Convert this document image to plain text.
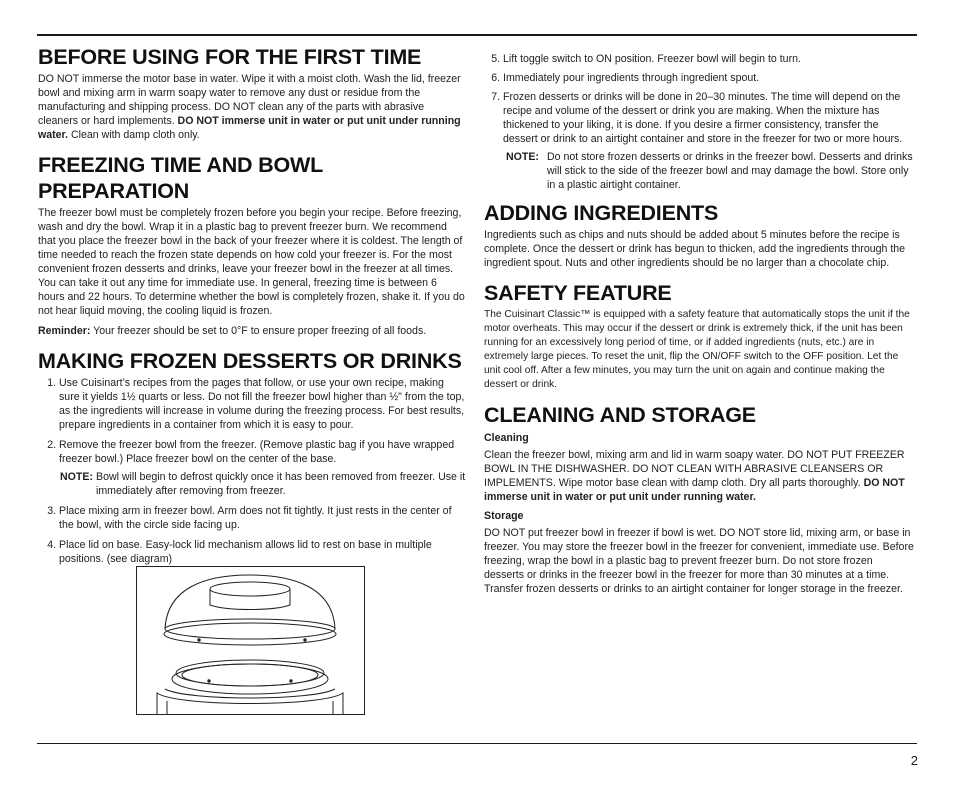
BEFORE USING FOR THE FIRST TIME

DO NOT immerse the motor base in water. Wipe it with a moist cloth. Wash the lid, freezer bowl and mixing arm in warm soapy water to remove any dust or residue from the manufacturing and shipping process. DO NOT clean any of the parts with abrasive cleaners or hard implements. DO NOT immerse unit in water or put unit under running water. Clean with damp cloth only.

FREEZING TIME AND BOWL PREPARATION

The freezer bowl must be completely frozen before you begin your recipe. Before freezing, wash and dry the bowl. Wrap it in a plastic bag to prevent freezer burn. We recommend that you place the freezer bowl in the back of your freezer where it is coldest. The length of time needed to reach the frozen state depends on how cold your freezer is. For the most convenient frozen desserts and drinks, leave your freezer bowl in the freezer at all times. You can take it out any time for immediate use. In general, freezing time is between 6 hours and 22 hours. To determine whether the bowl is completely frozen, shake it. If you do not hear liquid moving, the cooling liquid is frozen.

Reminder: Your freezer should be set to 0°F to ensure proper freezing of all foods.

MAKING FROZEN DESSERTS OR DRINKS
1. Use Cuisinart’s recipes from the pages that follow, or use your own recipe, making sure it yields 1½ quarts or less. Do not fill the freezer bowl higher than ½" from the top, as the ingredients will increase in volume during the freezing process. For best results, prepare ingredients in a container from which it is easy to pour.
2. Remove the freezer bowl from the freezer. (Remove plastic bag if you have wrapped freezer bowl.) Place freezer bowl on the center of the base.
NOTE: Bowl will begin to defrost quickly once it has been removed from freezer. Use it immediately after removing from freezer.
3. Place mixing arm in freezer bowl. Arm does not fit tightly. It just rests in the center of the bowl, with the circle side facing up.
4. Place lid on base. Easy-lock lid mechanism allows lid to rest on base in multiple positions. (see diagram)
5. Lift toggle switch to ON position. Freezer bowl will begin to turn.
6. Immediately pour ingredients through ingredient spout.
7. Frozen desserts or drinks will be done in 20–30 minutes. The time will depend on the recipe and volume of the dessert or drink you are making. When the mixture has thickened to your liking, it is done. If you desire a firmer consistency, transfer the dessert or drink to an airtight container and store in the freezer for two or more hours.
NOTE: Do not store frozen desserts or drinks in the freezer bowl. Desserts and drinks will stick to the side of the freezer bowl and may damage the bowl. Store only in a plastic airtight container.
ADDING INGREDIENTS

Ingredients such as chips and nuts should be added about 5 minutes before the recipe is complete. Once the dessert or drink has begun to thicken, add the ingredients through the ingredient spout. Nuts and other ingredients should be no larger than a chocolate chip.

SAFETY FEATURE

The Cuisinart Classic™ is equipped with a safety feature that automatically stops the unit if the motor overheats. This may occur if the dessert or drink is extremely thick, if the unit has been running for an excessively long period of time, or if added ingredients (nuts, etc.) are in extremely large pieces. To reset the unit, flip the ON/OFF switch to the OFF position. Let the unit cool off. After a few minutes, you may turn the unit on again and continue making the dessert or drink.

CLEANING AND STORAGE
Cleaning

Clean the freezer bowl, mixing arm and lid in warm soapy water. DO NOT PUT FREEZER BOWL IN THE DISHWASHER. DO NOT CLEAN WITH ABRASIVE CLEANSERS OR IMPLEMENTS. Wipe motor base clean with damp cloth. Dry all parts thoroughly. DO NOT immerse unit in water or put unit under running water.

Storage

DO NOT put freezer bowl in freezer if bowl is wet. DO NOT store lid, mixing arm, or base in freezer. You may store the freezer bowl in the freezer for convenient, immediate use. Before freezing, wrap the bowl in a plastic bag to prevent freezer burn. Do not store frozen desserts or drinks in the freezer bowl in the freezer for more than 30 minutes at a time. Transfer frozen desserts or drinks to an airtight container for longer storage in the freezer.

2
